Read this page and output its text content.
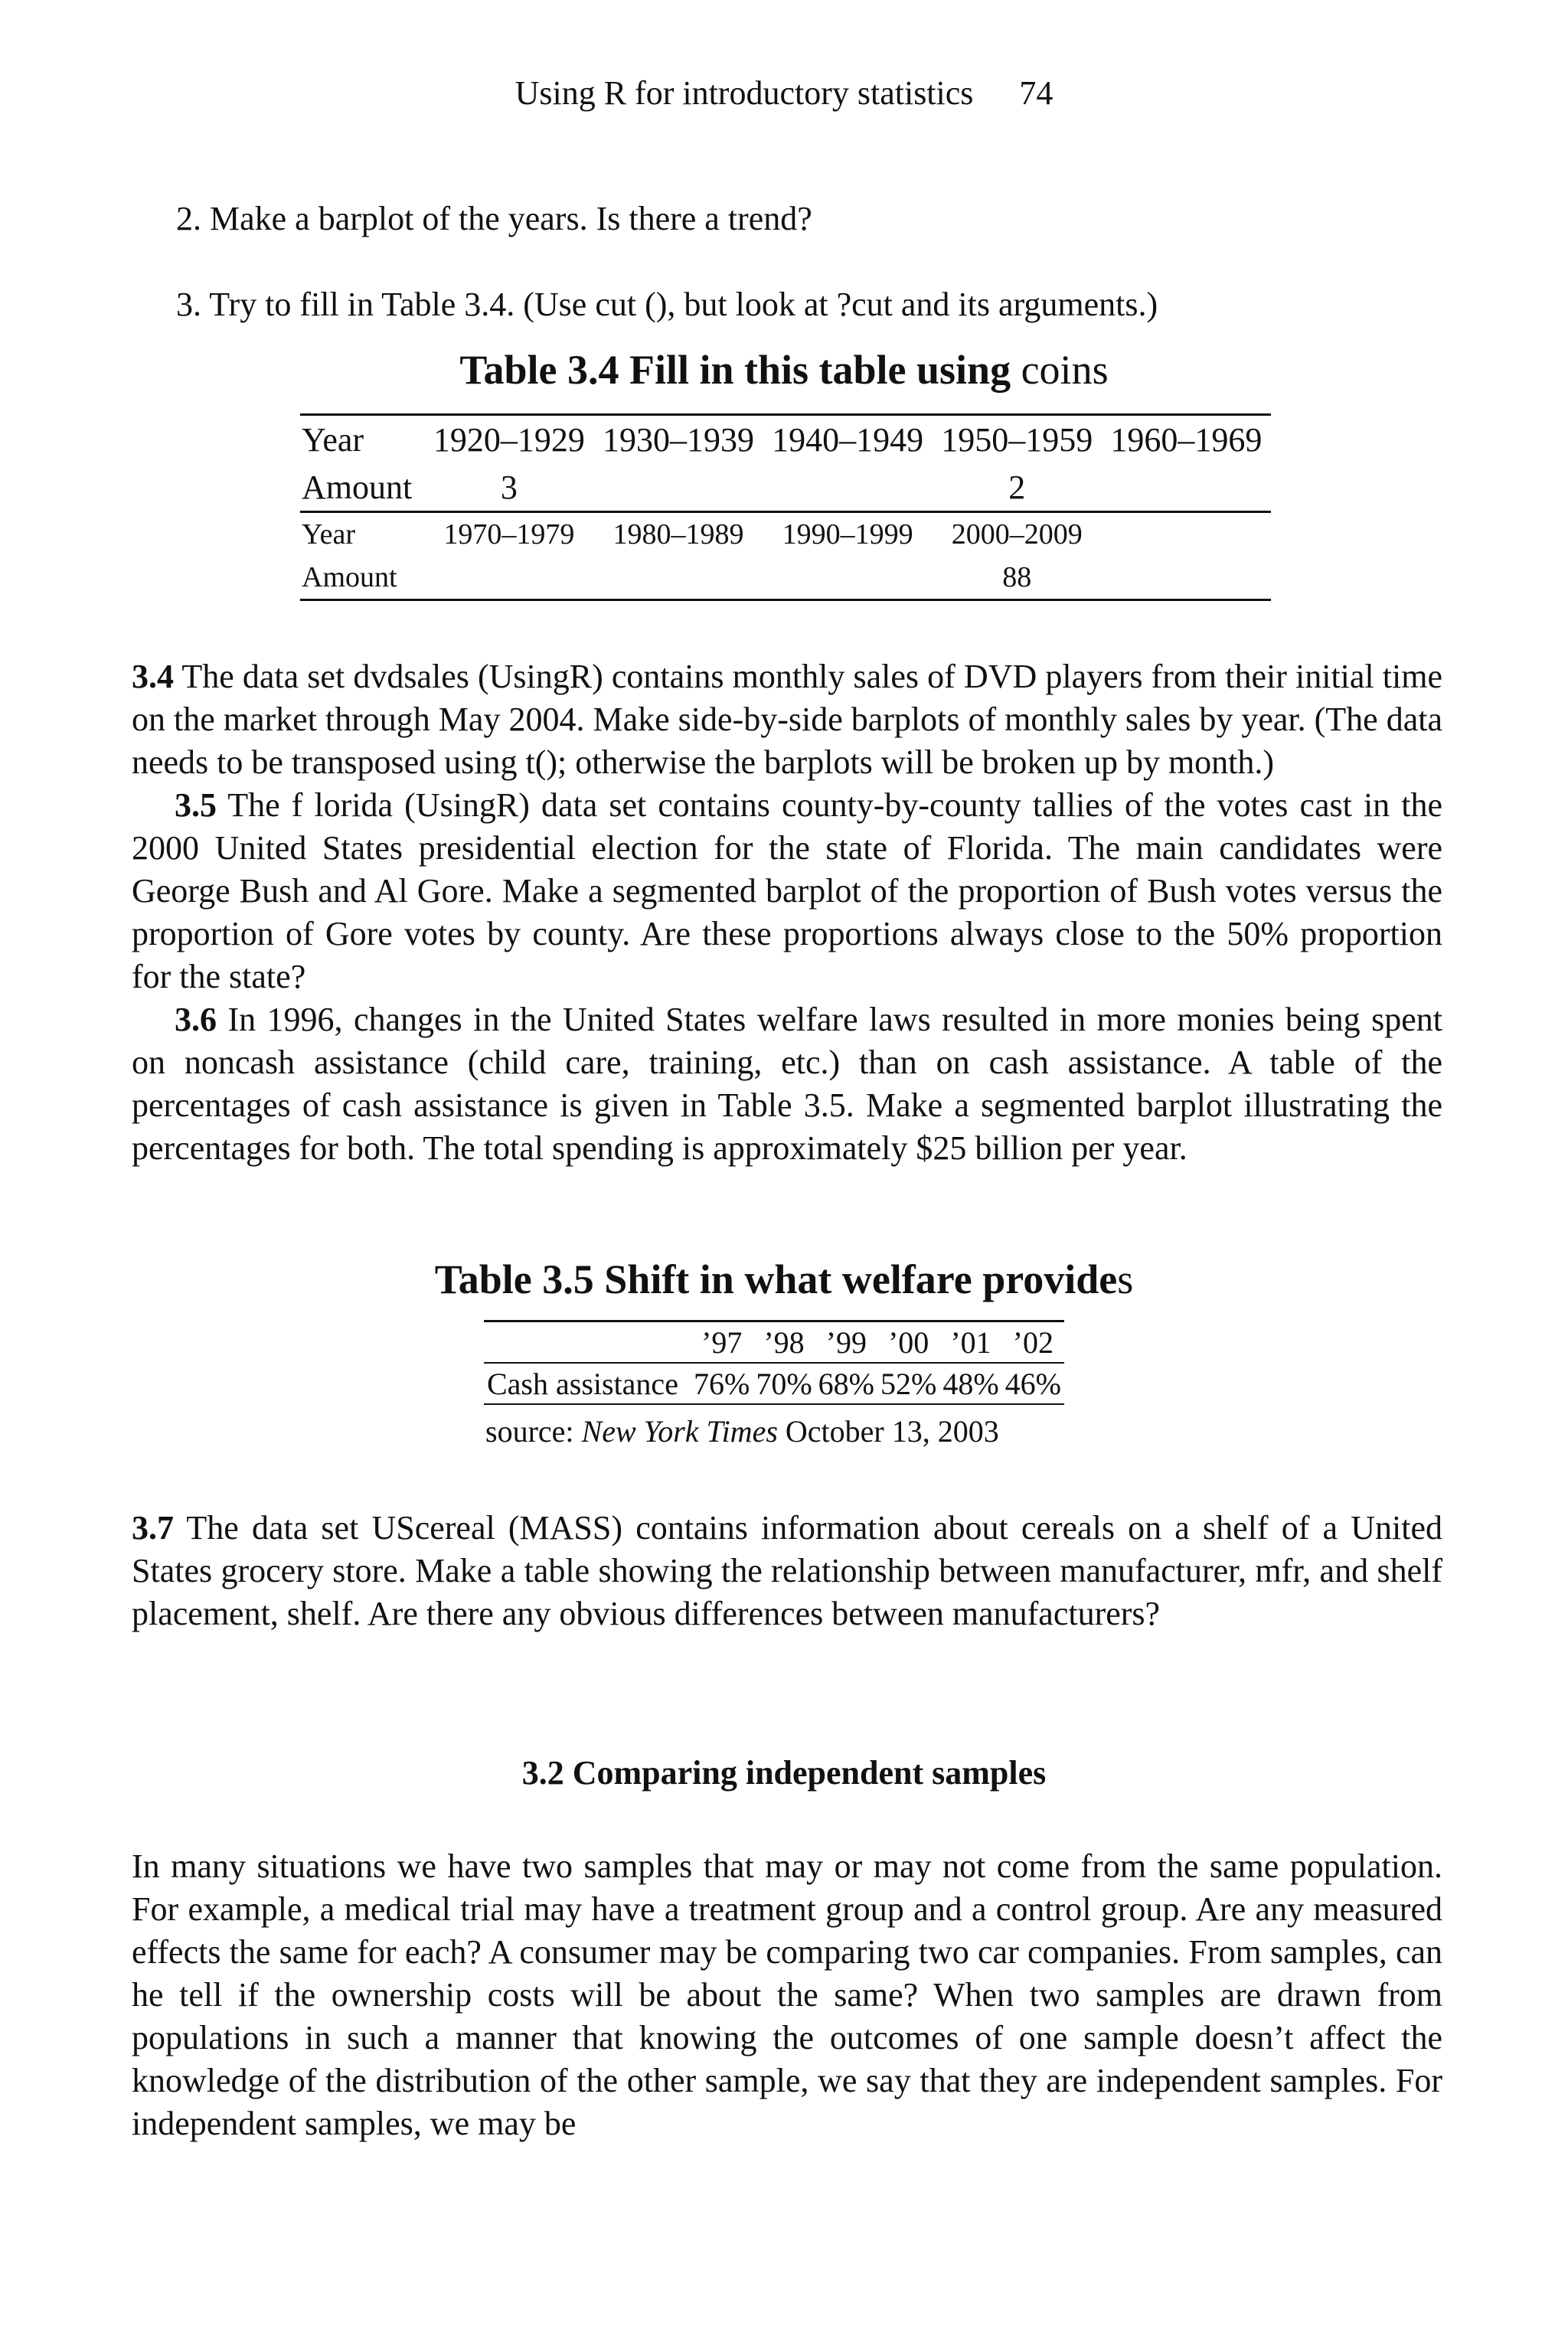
Using R for introductory statistics 74
2. Make a barplot of the years. Is there a trend?
3. Try to fill in Table 3.4. (Use cut (), but look at ?cut and its arguments.)
Table 3.4 Fill in this table using coins
Year	1920–1929	1930–1939	1940–1949	1950–1959	1960–1969
Amount	3			2	
Year	1970–1979	1980–1989	1990–1999	2000–2009	
Amount				88	

3.4 The data set dvdsales (UsingR) contains monthly sales of DVD players from their initial time on the market through May 2004. Make side-by-side barplots of monthly sales by year. (The data needs to be transposed using t(); otherwise the barplots will be broken up by month.)

3.5 The f lorida (UsingR) data set contains county-by-county tallies of the votes cast in the 2000 United States presidential election for the state of Florida. The main candidates were George Bush and Al Gore. Make a segmented barplot of the proportion of Bush votes versus the proportion of Gore votes by county. Are these proportions always close to the 50% proportion for the state?

3.6 In 1996, changes in the United States welfare laws resulted in more monies being spent on noncash assistance (child care, training, etc.) than on cash assistance. A table of the percentages of cash assistance is given in Table 3.5. Make a segmented barplot illustrating the percentages for both. The total spending is approximately $25 billion per year.

Table 3.5 Shift in what welfare provides
	’97	’98	’99	’00	’01	’02
Cash assistance	76%	70%	68%	52%	48%	46%
source: New York Times October 13, 2003

3.7 The data set UScereal (MASS) contains information about cereals on a shelf of a United States grocery store. Make a table showing the relationship between manufacturer, mfr, and shelf placement, shelf. Are there any obvious differences between manufacturers?

3.2 Comparing independent samples

In many situations we have two samples that may or may not come from the same population. For example, a medical trial may have a treatment group and a control group. Are any measured effects the same for each? A consumer may be comparing two car companies. From samples, can he tell if the ownership costs will be about the same? When two samples are drawn from populations in such a manner that knowing the outcomes of one sample doesn’t affect the knowledge of the distribution of the other sample, we say that they are independent samples. For independent samples, we may be
